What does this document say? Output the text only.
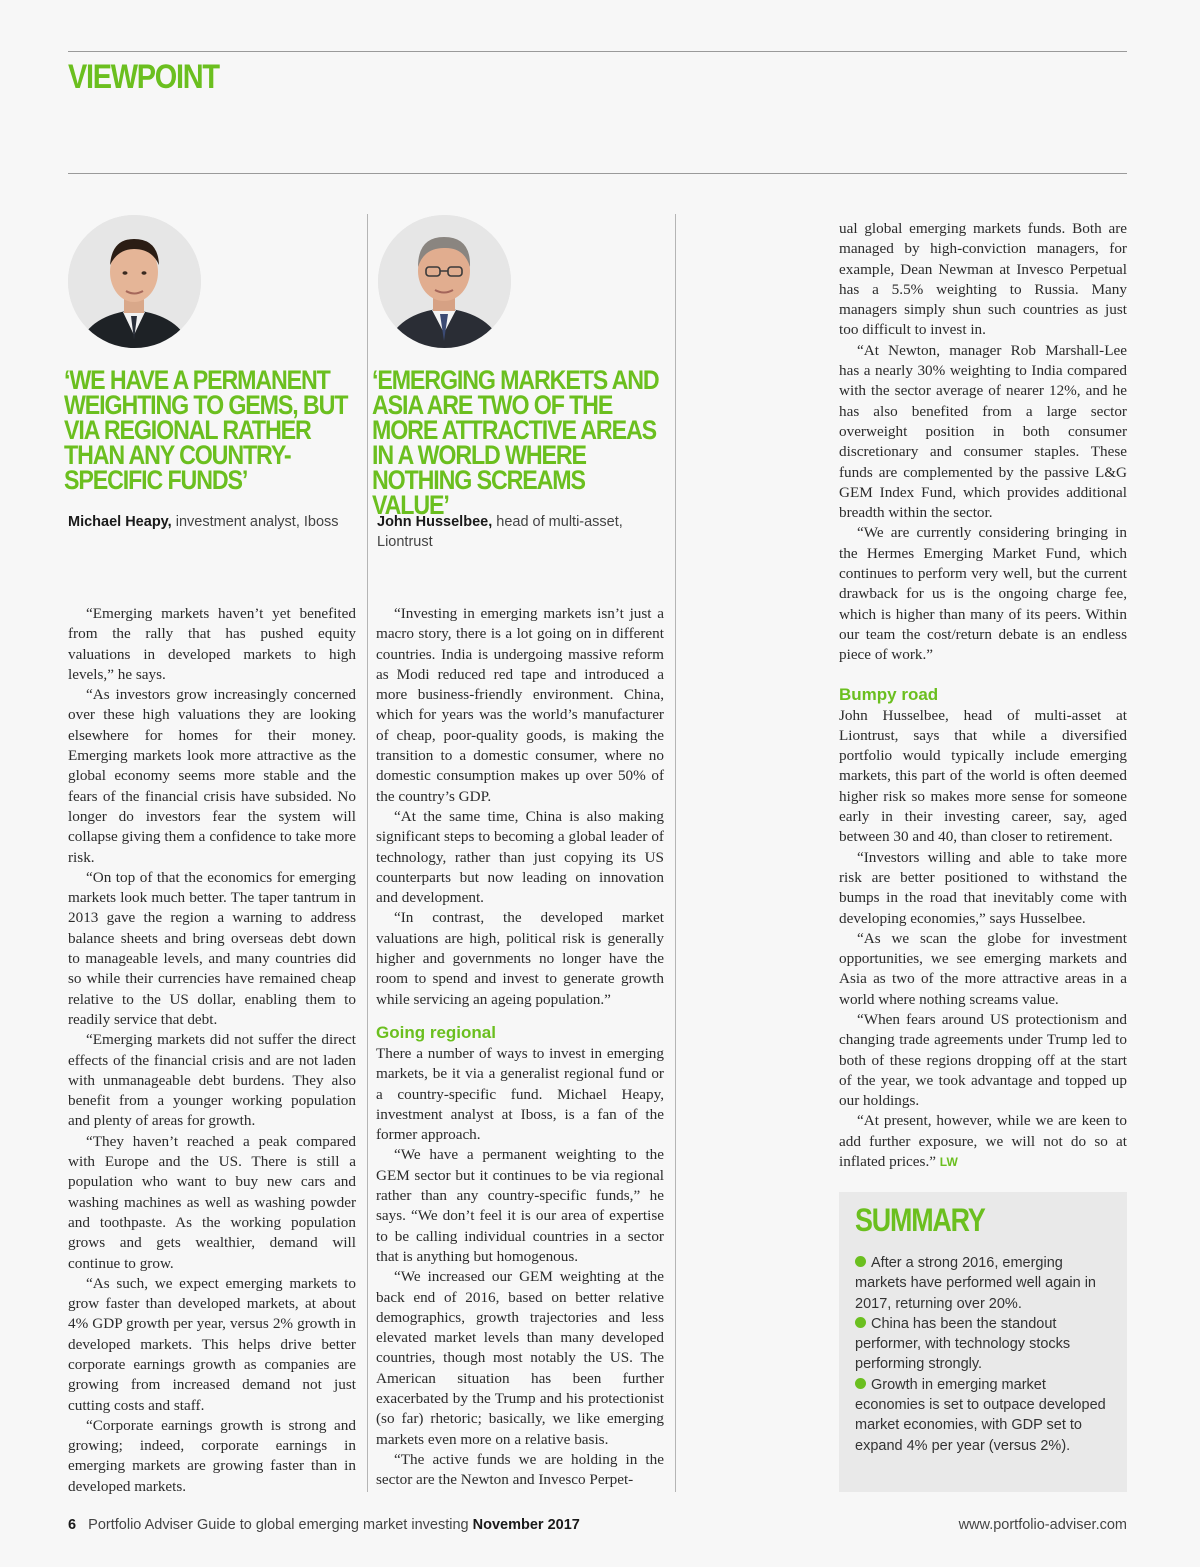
VIEWPOINT
‘WE HAVE A PERMANENT WEIGHTING TO GEMS, BUT VIA REGIONAL RATHER THAN ANY COUNTRY-SPECIFIC FUNDS’
‘EMERGING MARKETS AND ASIA ARE TWO OF THE MORE ATTRACTIVE AREAS IN A WORLD WHERE NOTHING SCREAMS VALUE’
Michael Heapy, investment analyst, Iboss	John Husselbee, head of multi-asset, Liontrust

“Emerging markets haven’t yet benefited from the rally that has pushed equity valuations in developed markets to high levels,” he says.

“As investors grow increasingly concerned over these high valuations they are looking elsewhere for homes for their money. Emerging markets look more attractive as the global economy seems more stable and the fears of the financial crisis have subsided. No longer do investors fear the system will collapse giving them a confidence to take more risk.

“On top of that the economics for emerging markets look much better. The taper tantrum in 2013 gave the region a warning to address balance sheets and bring overseas debt down to manageable levels, and many countries did so while their currencies have remained cheap relative to the US dollar, enabling them to readily service that debt.

“Emerging markets did not suffer the direct effects of the financial crisis and are not laden with unmanageable debt burdens. They also benefit from a younger working population and plenty of areas for growth.

“They haven’t reached a peak compared with Europe and the US. There is still a population who want to buy new cars and washing machines as well as washing powder and toothpaste. As the working population grows and gets wealthier, demand will continue to grow.

“As such, we expect emerging markets to grow faster than developed markets, at about 4% GDP growth per year, versus 2% growth in developed markets. This helps drive better corporate earnings growth as companies are growing from increased demand not just cutting costs and staff.

“Corporate earnings growth is strong and growing; indeed, corporate earnings in emerging markets are growing faster than in developed markets.

“Investing in emerging markets isn’t just a macro story, there is a lot going on in different countries. India is undergoing massive reform as Modi reduced red tape and introduced a more business-friendly environment. China, which for years was the world’s manufacturer of cheap, poor-quality goods, is making the transition to a domestic consumer, where no domestic consumption makes up over 50% of the country’s GDP.

“At the same time, China is also making significant steps to becoming a global leader of technology, rather than just copying its US counterparts but now leading on innovation and development.

“In contrast, the developed market valuations are high, political risk is generally higher and governments no longer have the room to spend and invest to generate growth while servicing an ageing population.”

Going regional

There a number of ways to invest in emerging markets, be it via a generalist regional fund or a country-specific fund. Michael Heapy, investment analyst at Iboss, is a fan of the former approach.

“We have a permanent weighting to the GEM sector but it continues to be via regional rather than any country-specific funds,” he says. “We don’t feel it is our area of expertise to be calling individual countries in a sector that is anything but homogenous.

“We increased our GEM weighting at the back end of 2016, based on better relative demographics, growth trajectories and less elevated market levels than many developed countries, though most notably the US. The American situation has been further exacerbated by the Trump and his protectionist (so far) rhetoric; basically, we like emerging markets even more on a relative basis.

“The active funds we are holding in the sector are the Newton and Invesco Perpet-

ual global emerging markets funds. Both are managed by high-conviction managers, for example, Dean Newman at Invesco Perpetual has a 5.5% weighting to Russia. Many managers simply shun such countries as just too difficult to invest in.

“At Newton, manager Rob Marshall-Lee has a nearly 30% weighting to India compared with the sector average of nearer 12%, and he has also benefited from a large sector overweight position in both consumer discretionary and consumer staples. These funds are complemented by the passive L&G GEM Index Fund, which provides additional breadth within the sector.

“We are currently considering bringing in the Hermes Emerging Market Fund, which continues to perform very well, but the current drawback for us is the ongoing charge fee, which is higher than many of its peers. Within our team the cost/return debate is an endless piece of work.”

Bumpy road

John Husselbee, head of multi-asset at Liontrust, says that while a diversified portfolio would typically include emerging markets, this part of the world is often deemed higher risk so makes more sense for someone early in their investing career, say, aged between 30 and 40, than closer to retirement.

“Investors willing and able to take more risk are better positioned to withstand the bumps in the road that inevitably come with developing economies,” says Husselbee.

“As we scan the globe for investment opportunities, we see emerging markets and Asia as two of the more attractive areas in a world where nothing screams value.

“When fears around US protectionism and changing trade agreements under Trump led to both of these regions dropping off at the start of the year, we took advantage and topped up our holdings.

“At present, however, while we are keen to add further exposure, we will not do so at inflated prices.” LW

SUMMARY
After a strong 2016, emerging markets have performed well again in 2017, returning over 20%.
China has been the standout performer, with technology stocks performing strongly.
Growth in emerging market economies is set to outpace developed market economies, with GDP set to expand 4% per year (versus 2%).
6 Portfolio Adviser Guide to global emerging market investing November 2017	www.portfolio-adviser.com
